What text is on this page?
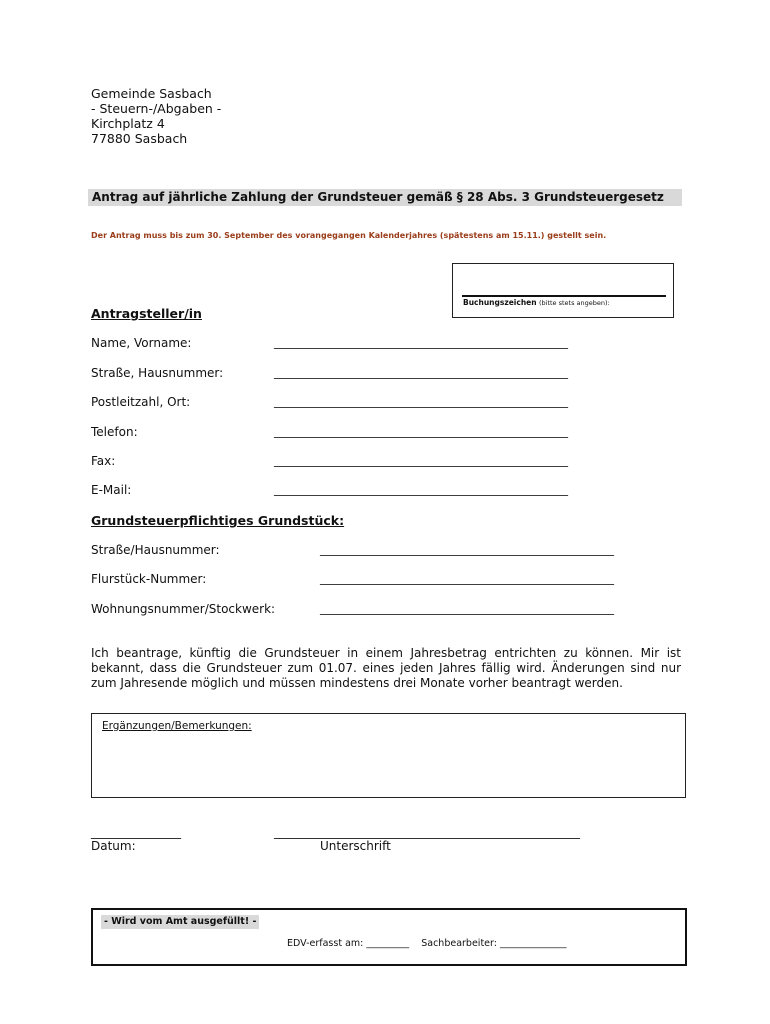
Gemeinde Sasbach
- Steuern-/Abgaben -
Kirchplatz 4
77880 Sasbach
Antrag auf jährliche Zahlung der Grundsteuer gemäß § 28 Abs. 3 Grundsteuergesetz
Der Antrag muss bis zum 30. September des vorangegangen Kalenderjahres (spätestens am 15.11.) gestellt sein.
Buchungszeichen (bitte stets angeben):
Antragsteller/in
Name, Vorname:	_________________________________________________
Straße, Hausnummer:	_________________________________________________
Postleitzahl, Ort:	_________________________________________________
Telefon:	_________________________________________________
Fax:	_________________________________________________
E-Mail:	_________________________________________________
Grundsteuerpflichtiges Grundstück:
Straße/Hausnummer:	_________________________________________________
Flurstück-Nummer:	_________________________________________________
Wohnungsnummer/Stockwerk:	_________________________________________________
Ich beantrage, künftig die Grundsteuer in einem Jahresbetrag entrichten zu können. Mir ist bekannt, dass die Grundsteuer zum 01.07. eines jeden Jahres fällig wird. Änderungen sind nur zum Jahresende möglich und müssen mindestens drei Monate vorher beantragt werden.
Ergänzungen/Bemerkungen:
_______________
Datum:
___________________________________________________
Unterschrift
- Wird vom Amt ausgefüllt! -
EDV-erfasst am: _________ Sachbearbeiter: ______________
